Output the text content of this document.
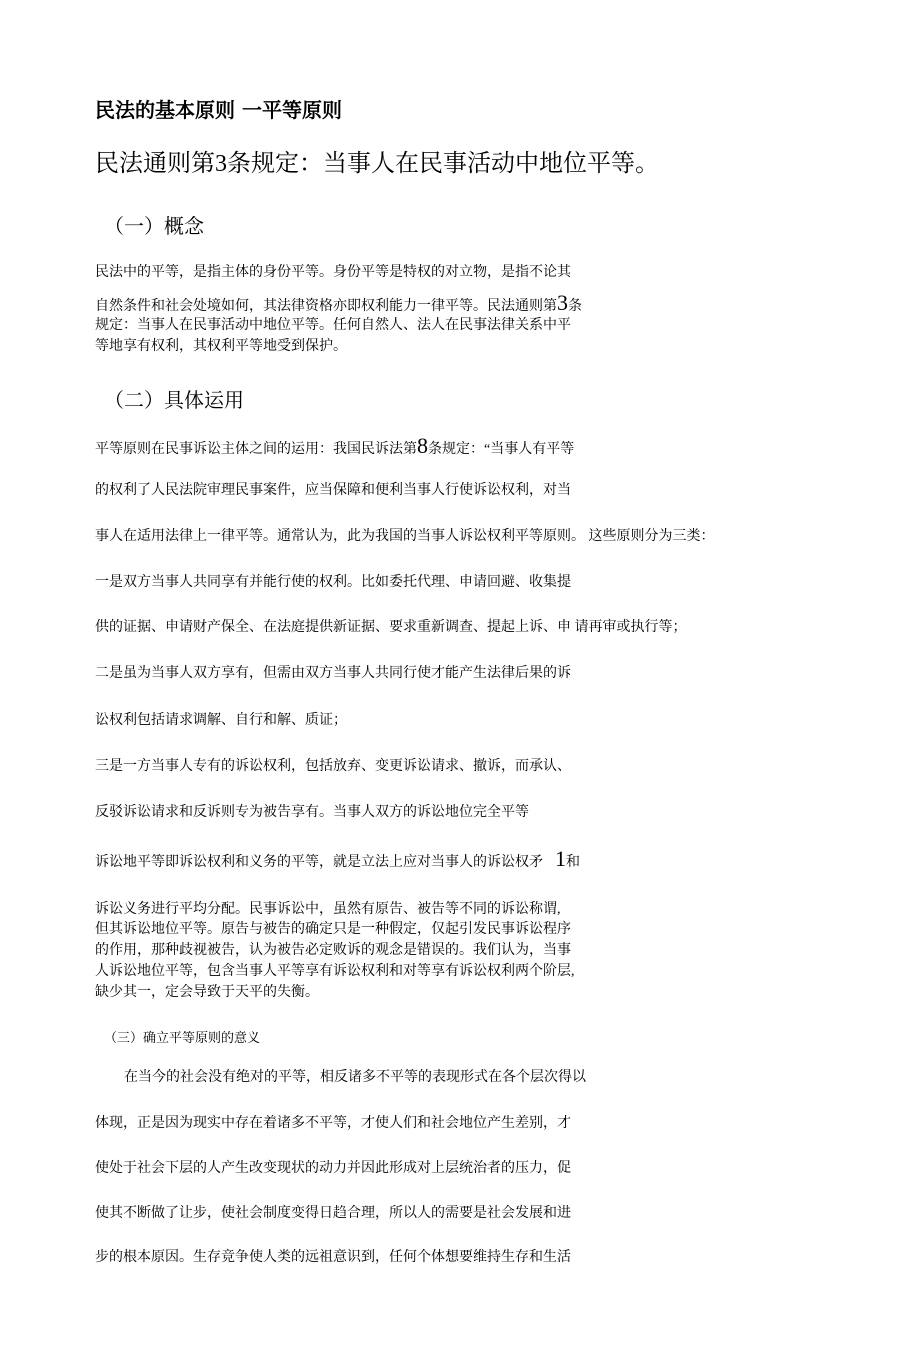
民法的基本原则 一平等原则
民法通则第3条规定：当事人在民事活动中地位平等。
（一）概念
民法中的平等，是指主体的身份平等。身份平等是特权的对立物，是指不论其
自然条件和社会处境如何，其法律资格亦即权利能力一律平等。民法通则第3条
规定：当事人在民事活动中地位平等。任何自然人、法人在民事法律关系中平
等地享有权利，其权利平等地受到保护。
（二）具体运用
平等原则在民事诉讼主体之间的运用：我国民诉法第8条规定：“当事人有平等
的权利了人民法院审理民事案件，应当保障和便利当事人行使诉讼权利，对当
事人在适用法律上一律平等。通常认为，此为我国的当事人诉讼权利平等原则。 这些原则分为三类：
一是双方当事人共同享有并能行使的权利。比如委托代理、申请回避、收集提
供的证据、申请财产保全、在法庭提供新证据、要求重新调查、提起上诉、申 请再审或执行等；
二是虽为当事人双方享有，但需由双方当事人共同行使才能产生法律后果的诉
讼权利包括请求调解、自行和解、质证；
三是一方当事人专有的诉讼权利，包括放弃、变更诉讼请求、撤诉，而承认、
反驳诉讼请求和反诉则专为被告享有。当事人双方的诉讼地位完全平等
诉讼地平等即诉讼权利和义务的平等，就是立法上应对当事人的诉讼权矛 1和
诉讼义务进行平均分配。民事诉讼中，虽然有原告、被告等不同的诉讼称谓,
但其诉讼地位平等。原告与被告的确定只是一种假定，仅起引发民事诉讼程序
的作用，那种歧视被告，认为被告必定败诉的观念是错误的。我们认为，当事
人诉讼地位平等，包含当事人平等享有诉讼权利和对等享有诉讼权利两个阶层,
缺少其一，定会导致于天平的失衡。
（三）确立平等原则的意义
在当今的社会没有绝对的平等，相反诸多不平等的表现形式在各个层次得以
体现，正是因为现实中存在着诸多不平等，才使人们和社会地位产生差别，才
使处于社会下层的人产生改变现状的动力并因此形成对上层统治者的压力，促
使其不断做了让步，使社会制度变得日趋合理，所以人的需要是社会发展和进
步的根本原因。生存竞争使人类的远祖意识到，任何个体想要维持生存和生活
